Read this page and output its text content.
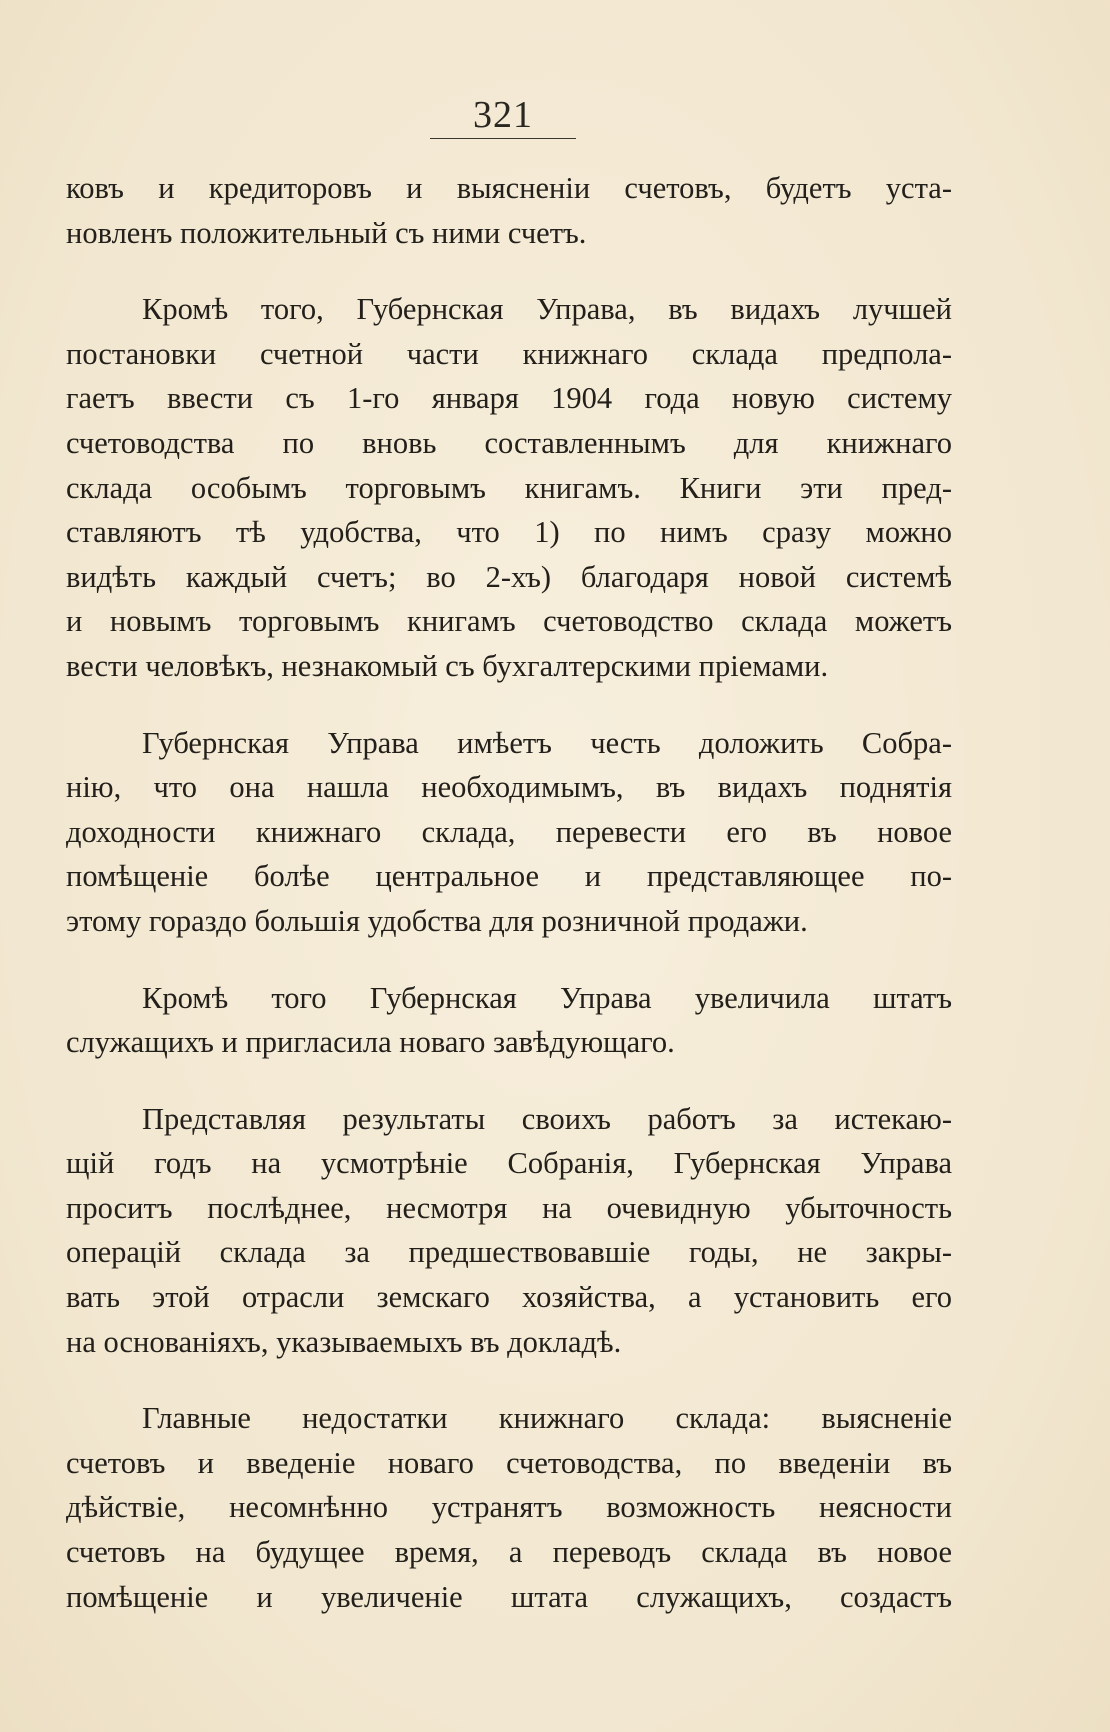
321
ковъ и кредиторовъ и выясненiи счетовъ, будетъ уста-
новленъ положительный съ ними счетъ.
Кромѣ того, Губернская Управа, въ видахъ лучшей
постановки счетной части книжнаго склада предпола-
гаетъ ввести съ 1-го января 1904 года новую систему
счетоводства по вновь составленнымъ для книжнаго
склада особымъ торговымъ книгамъ. Книги эти пред-
ставляютъ тѣ удобства, что 1) по нимъ сразу можно
видѣть каждый счетъ; во 2-хъ) благодаря новой системѣ
и новымъ торговымъ книгамъ счетоводство склада можетъ
вести человѣкъ, незнакомый съ бухгалтерскими прiемами.
Губернская Управа имѣетъ честь доложить Собра-
нiю, что она нашла необходимымъ, въ видахъ поднятiя
доходности книжнаго склада, перевести его въ новое
помѣщенiе болѣе центральное и представляющее по-
этому гораздо большiя удобства для розничной продажи.
Кромѣ того Губернская Управа увеличила штатъ
служащихъ и пригласила новаго завѣдующаго.
Представляя результаты своихъ работъ за истекаю-
щiй годъ на усмотрѣнiе Собранiя, Губернская Управа
проситъ послѣднее, несмотря на очевидную убыточность
операцiй склада за предшествовавшiе годы, не закры-
вать этой отрасли земскаго хозяйства, а установить его
на основанiяхъ, указываемыхъ въ докладѣ.
Главные недостатки книжнаго склада: выясненiе
счетовъ и введенiе новаго счетоводства, по введенiи въ
дѣйствiе, несомнѣнно устранятъ возможность неясности
счетовъ на будущее время, а переводъ склада въ новое
помѣщенiе и увеличенiе штата служащихъ, создастъ
